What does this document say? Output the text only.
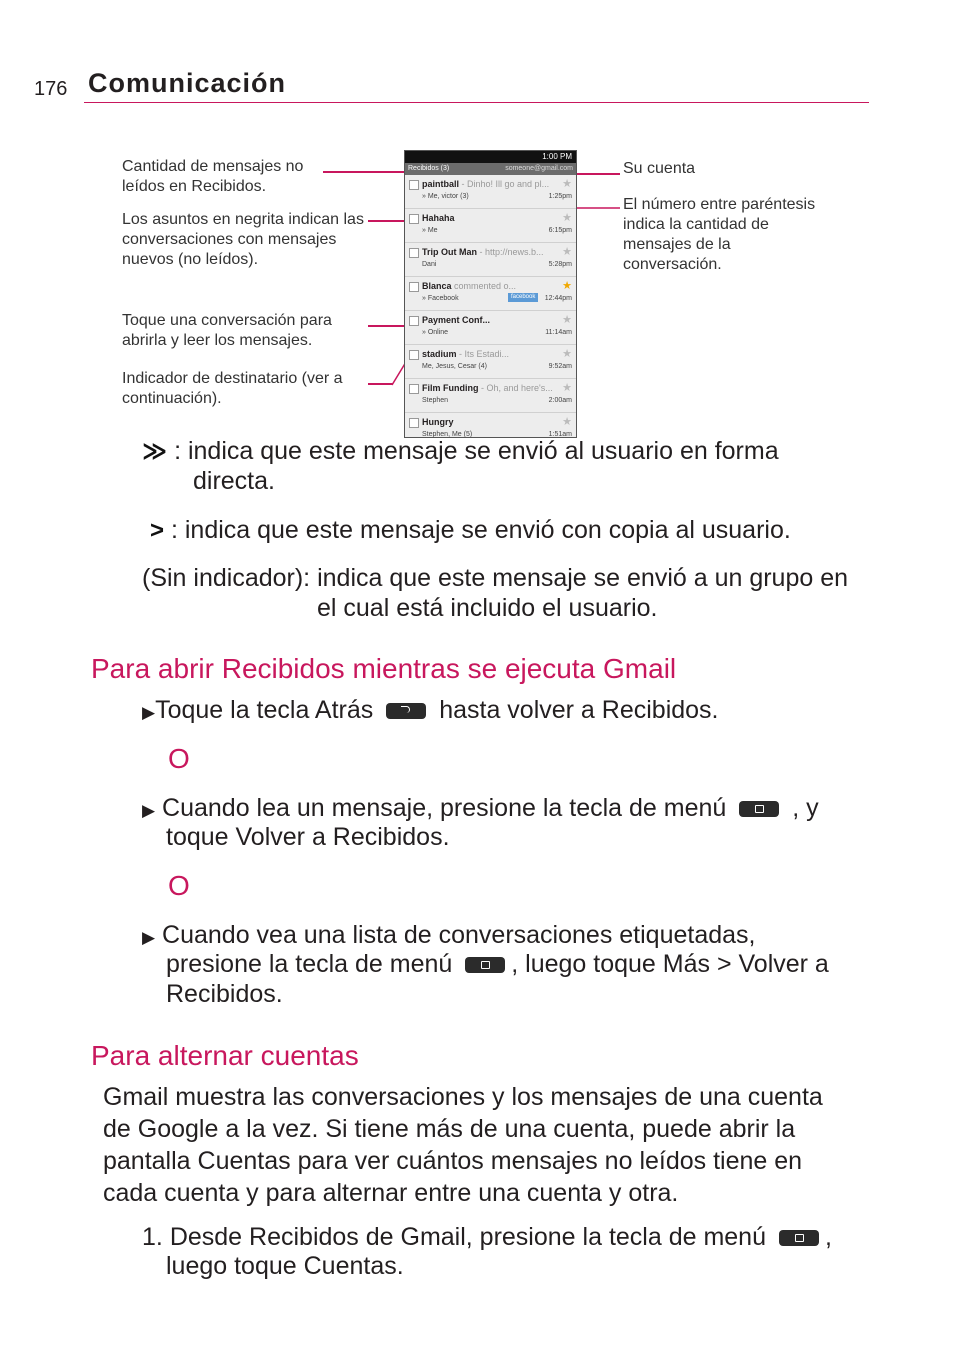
176 Comunicación
Cantidad de mensajes no leídos en Recibidos.
Los asuntos en negrita indican las conversaciones con mensajes nuevos (no leídos).
Toque una conversación para abrirla y leer los mensajes.
Indicador de destinatario (ver a continuación).
Su cuenta
El número entre paréntesis indica la cantidad de mensajes de la conversación.
1:00 PM
Recibidos (3)	someone@gmail.com
paintball - Dinho! Ill go and pl...
» Me, victor (3)	1:25pm
★
Hahaha
» Me	6:15pm
★
Trip Out Man - http://news.b...
Dani	5:28pm
★
Blanca commented o...
» Facebook	12:44pm
★
facebook
Payment Conf...
» Online	11:14am
★
stadium - Its Estadi...
Me, Jesus, Cesar (4)	9:52am
★
Film Funding - Oh, and here's...
Stephen	2:00am
★
Hungry
Stephen, Me (5)	1:51am
★
≫ : indica que este mensaje se envió al usuario en forma
directa.
> : indica que este mensaje se envió con copia al usuario.
(Sin indicador): indica que este mensaje se envió a un grupo en
el cual está incluido el usuario.
Para abrir Recibidos mientras se ejecuta Gmail
▶Toque la tecla Atrás	hasta volver a Recibidos.
O
▶ Cuando lea un mensaje, presione la tecla de menú	, y
toque Volver a Recibidos.
O
▶ Cuando vea una lista de conversaciones etiquetadas,
presione la tecla de menú , luego toque Más > Volver a
Recibidos.
Para alternar cuentas
Gmail muestra las conversaciones y los mensajes de una cuenta
de Google a la vez. Si tiene más de una cuenta, puede abrir la
pantalla Cuentas para ver cuántos mensajes no leídos tiene en
cada cuenta y para alternar entre una cuenta y otra.
1. Desde Recibidos de Gmail, presione la tecla de menú ,
luego toque Cuentas.
